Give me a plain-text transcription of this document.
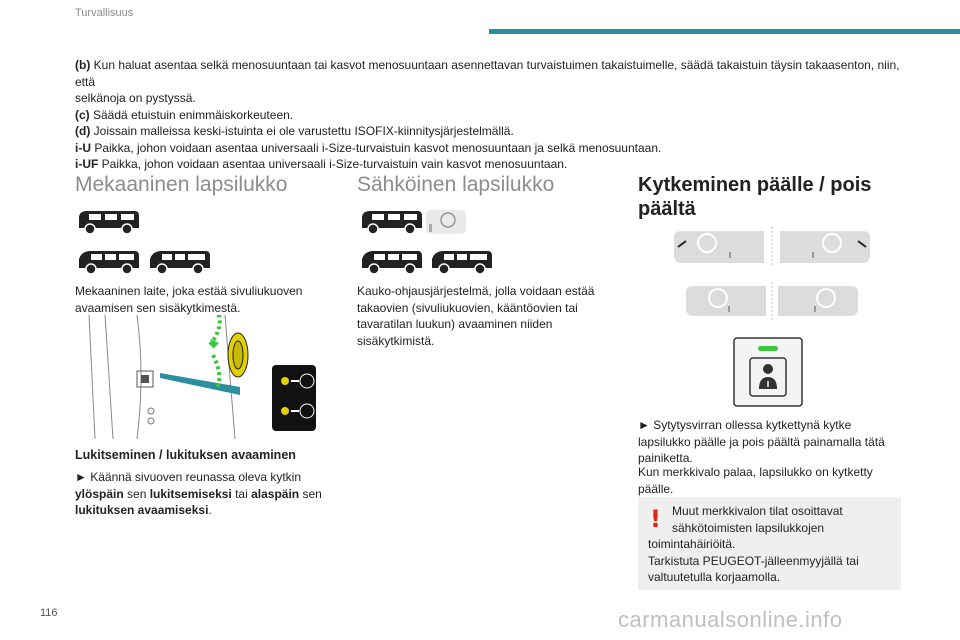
Turvallisuus

(b) Kun haluat asentaa selkä menosuuntaan tai kasvot menosuuntaan asennettavan turvaistuimen takaistuimelle, säädä takaistuin täysin takaasenton, niin, että

selkänoja on pystyssä.

(c) Säädä etuistuin enimmäiskorkeuteen.

(d) Joissain malleissa keski-istuinta ei ole varustettu ISOFIX-kiinnitysjärjestelmällä.

i-U Paikka, johon voidaan asentaa universaali i-Size-turvaistuin kasvot menosuuntaan ja selkä menosuuntaan.

i-UF Paikka, johon voidaan asentaa universaali i-Size-turvaistuin vain kasvot menosuuntaan.

Mekaaninen lapsilukko
Mekaaninen laite, joka estää sivuliukuoven avaamisen sen sisäkytkimestä.
Lukitseminen / lukituksen avaaminen
► Käännä sivuoven reunassa oleva kytkin ylöspäin sen lukitsemiseksi tai alaspäin sen lukituksen avaamiseksi.
Sähköinen lapsilukko
Kauko-ohjausjärjestelmä, jolla voidaan estää takaovien (sivuliukuovien, kääntöovien tai tavaratilan luukun) avaaminen niiden sisäkytkimistä.
Kytkeminen päälle / pois päältä
► Sytytysvirran ollessa kytkettynä kytke lapsilukko päälle ja pois päältä painamalla tätä painiketta.
Kun merkkivalo palaa, lapsilukko on kytketty päälle.
! Muut merkkivalon tilat osoittavat
sähkötoimisten lapsilukkojen
toimintahäiriöitä.
Tarkistuta PEUGEOT-jälleenmyyjällä tai valtuutetulla korjaamolla.
116	carmanualsonline.info
